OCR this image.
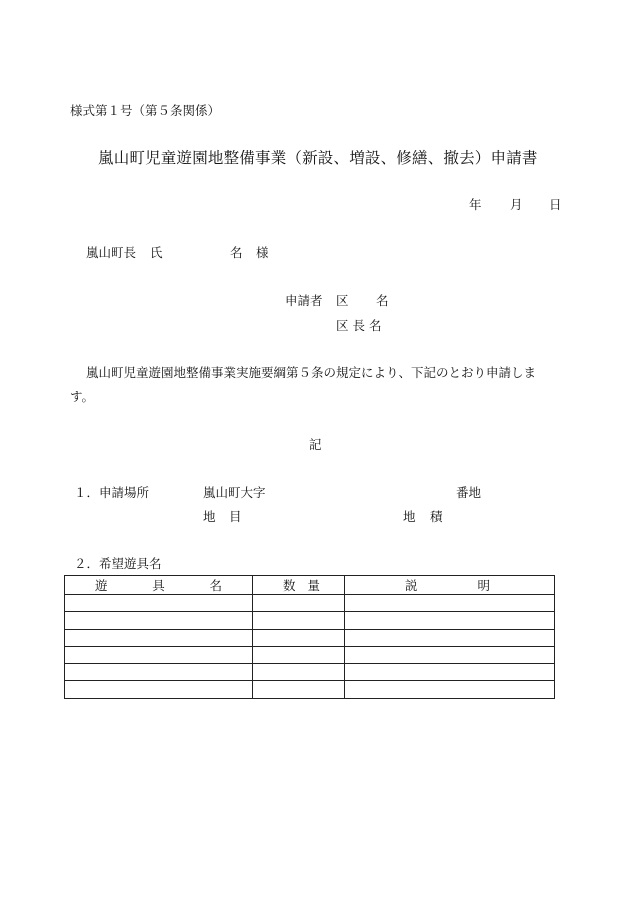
様式第１号（第５条関係）
嵐山町児童遊園地整備事業（新設、増設、修繕、撤去）申請書
年 月 日
嵐山町長 氏	名 様
申請者 区 名
区 長 名
嵐山町児童遊園地整備事業実施要綱第５条の規定により、下記のとおり申請しま
す。
記
１．申請場所	嵐山町大字	番地
地 目	地 積
２．希望遊具名
遊 具 名	数 量	説 明
